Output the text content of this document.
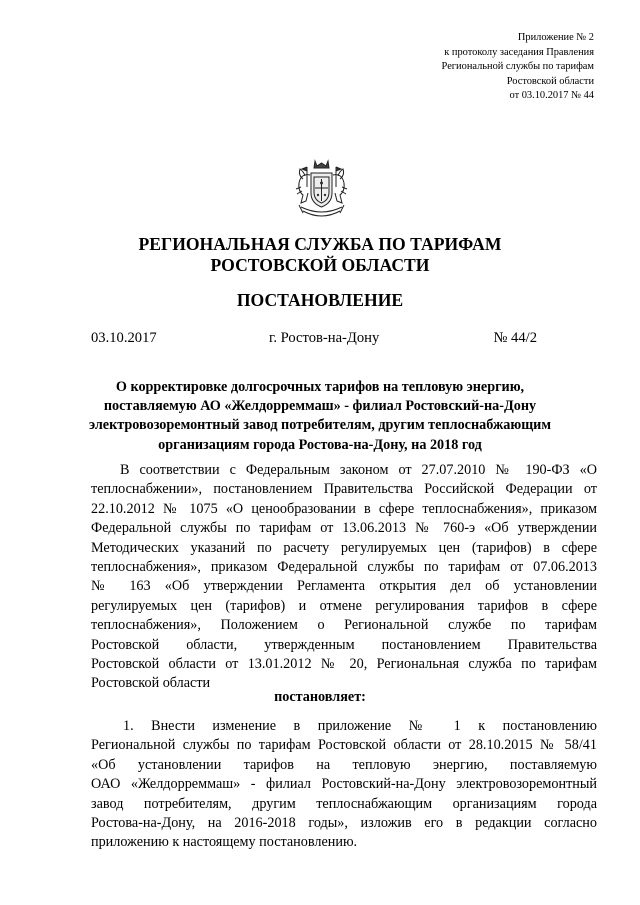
Приложение № 2
к протоколу заседания Правления
Региональной службы по тарифам
Ростовской области
от 03.10.2017 № 44
РЕГИОНАЛЬНАЯ СЛУЖБА ПО ТАРИФАМ
РОСТОВСКОЙ ОБЛАСТИ
ПОСТАНОВЛЕНИЕ
03.10.2017	г. Ростов-на-Дону	№ 44/2
О корректировке долгосрочных тарифов на тепловую энергию,
поставляемую АО «Желдорреммаш» - филиал Ростовский-на-Дону
электровозоремонтный завод потребителям, другим теплоснабжающим
организациям города Ростова-на-Дону, на 2018 год
В соответствии с Федеральным законом от 27.07.2010 № 190-ФЗ «О
теплоснабжении», постановлением Правительства Российской Федерации от
22.10.2012 № 1075 «О ценообразовании в сфере теплоснабжения», приказом
Федеральной службы по тарифам от 13.06.2013 № 760-э «Об утверждении
Методических указаний по расчету регулируемых цен (тарифов) в сфере
теплоснабжения», приказом Федеральной службы по тарифам от 07.06.2013
№ 163 «Об утверждении Регламента открытия дел об установлении
регулируемых цен (тарифов) и отмене регулирования тарифов в сфере
теплоснабжения», Положением о Региональной службе по тарифам
Ростовской области, утвержденным постановлением Правительства
Ростовской области от 13.01.2012 № 20, Региональная служба по тарифам
Ростовской области
постановляет:
1. Внести изменение в приложение № 1 к постановлению
Региональной службы по тарифам Ростовской области от 28.10.2015 № 58/41
«Об установлении тарифов на тепловую энергию, поставляемую
ОАО «Желдорреммаш» - филиал Ростовский-на-Дону электровозоремонтный
завод потребителям, другим теплоснабжающим организациям города
Ростова-на-Дону, на 2016-2018 годы», изложив его в редакции согласно
приложению к настоящему постановлению.
